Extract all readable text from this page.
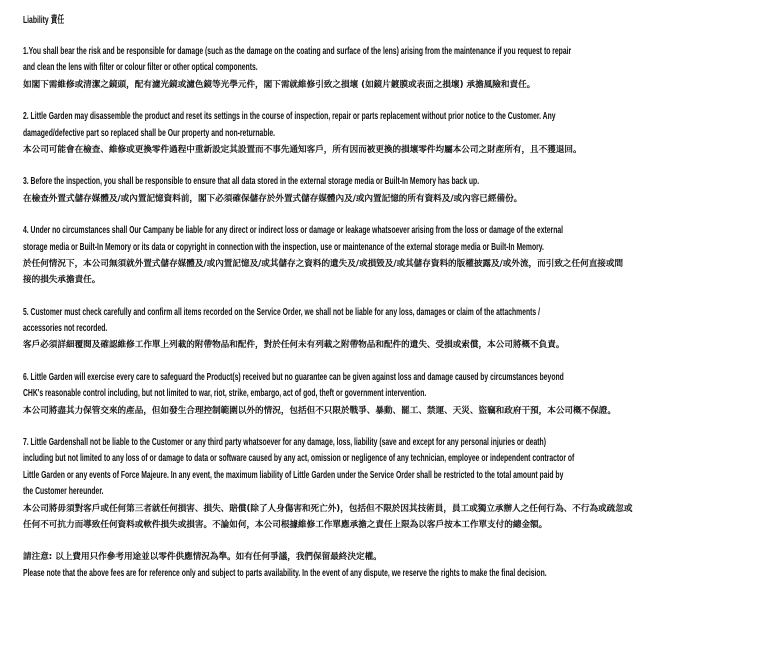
Liability 責任
1.You shall bear the risk and be responsible for damage (such as the damage on the coating and surface of the lens) arising from the maintenance if you request to repair
and clean the lens with filter or colour filter or other optical components.
如閣下需維修或清潔之鏡頭，配有濾光鏡或濾色鏡等光學元件，閣下需就維修引致之損壞 (如鏡片鍍膜或表面之損壞) 承擔風險和責任。
2. Little Garden may disassemble the product and reset its settings in the course of inspection, repair or parts replacement without prior notice to the Customer. Any
damaged/defective part so replaced shall be Our property and non-returnable.
本公司可能會在檢查、維修或更換零件過程中重新設定其設置而不事先通知客戶，所有因而被更換的損壞零件均屬本公司之財產所有，且不獲退回。
3. Before the inspection, you shall be responsible to ensure that all data stored in the external storage media or Built-In Memory has back up.
在檢查外置式儲存媒體及/或內置記憶資料前，閣下必須確保儲存於外置式儲存媒體內及/或內置記憶的所有資料及/或內容已經備份。
4. Under no circumstances shall Our Campany be liable for any direct or indirect loss or damage or leakage whatsoever arising from the loss or damage of the external
storage media or Built-In Memory or its data or copyright in connection with the inspection, use or maintenance of the external storage media or Built-In Memory.
於任何情況下，本公司無須就外置式儲存媒體及/或內置記憶及/或其儲存之資料的遺失及/或損毀及/或其儲存資料的版權披露及/或外流，而引致之任何直接或間
接的損失承擔責任。
5. Customer must check carefully and confirm all items recorded on the Service Order, we shall not be liable for any loss, damages or claim of the attachments /
accessories not recorded.
客戶必須詳細覆閱及確認維修工作單上列載的附帶物品和配件，對於任何未有列載之附帶物品和配件的遺失、受損或索償，本公司將概不負責。
6. Little Garden will exercise every care to safeguard the Product(s) received but no guarantee can be given against loss and damage caused by circumstances beyond
CHK's reasonable control including, but not limited to war, riot, strike, embargo, act of god, theft or government intervention.
本公司將盡其力保管交來的產品，但如發生合理控制範圍以外的情況，包括但不只限於戰爭、暴動、罷工、禁運、天災、盜竊和政府干預，本公司概不保證。
7. Little Gardenshall not be liable to the Customer or any third party whatsoever for any damage, loss, liability (save and except for any personal injuries or death)
including but not limited to any loss of or damage to data or software caused by any act, omission or negligence of any technician, employee or independent contractor of
Little Garden or any events of Force Majeure. In any event, the maximum liability of Little Garden under the Service Order shall be restricted to the total amount paid by
the Customer hereunder.
本公司將毋須對客戶或任何第三者就任何損害、損失、賠償(除了人身傷害和死亡外)，包括但不限於因其技術員，員工或獨立承辦人之任何行為、不行為或疏忽或
任何不可抗力而導致任何資料或軟件損失或損害。不論如何，本公司根據維修工作單應承擔之責任上限為以客戶按本工作單支付的總金額。
請注意: 以上費用只作參考用途並以零件供應情況為準。如有任何爭議，我們保留最終決定權。
Please note that the above fees are for reference only and subject to parts availability. In the event of any dispute, we reserve the rights to make the final decision.
